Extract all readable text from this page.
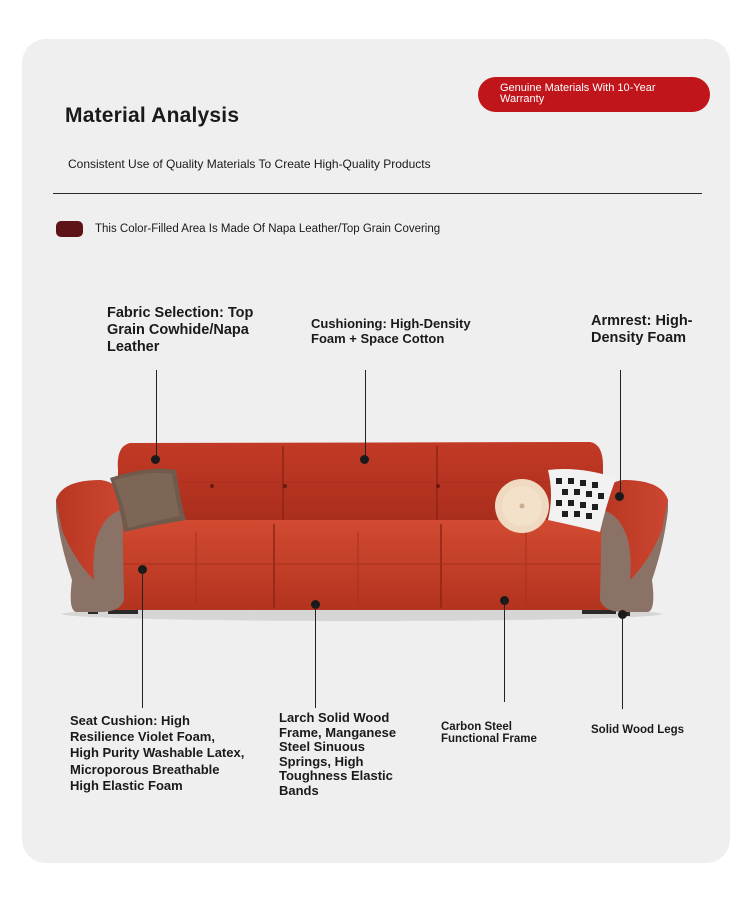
Material Analysis
Consistent Use of Quality Materials To Create High-Quality Products
Genuine Materials With 10-Year Warranty
This Color-Filled Area Is Made Of Napa Leather/Top Grain Covering
Fabric Selection: Top Grain Cowhide/Napa Leather
Cushioning: High-Density Foam + Space Cotton
Armrest: High-Density Foam
Seat Cushion: High Resilience Violet Foam, High Purity Washable Latex, Microporous Breathable High Elastic Foam
Larch Solid Wood Frame, Manganese Steel Sinuous Springs, High Toughness Elastic Bands
Carbon Steel Functional Frame
Solid Wood Legs
